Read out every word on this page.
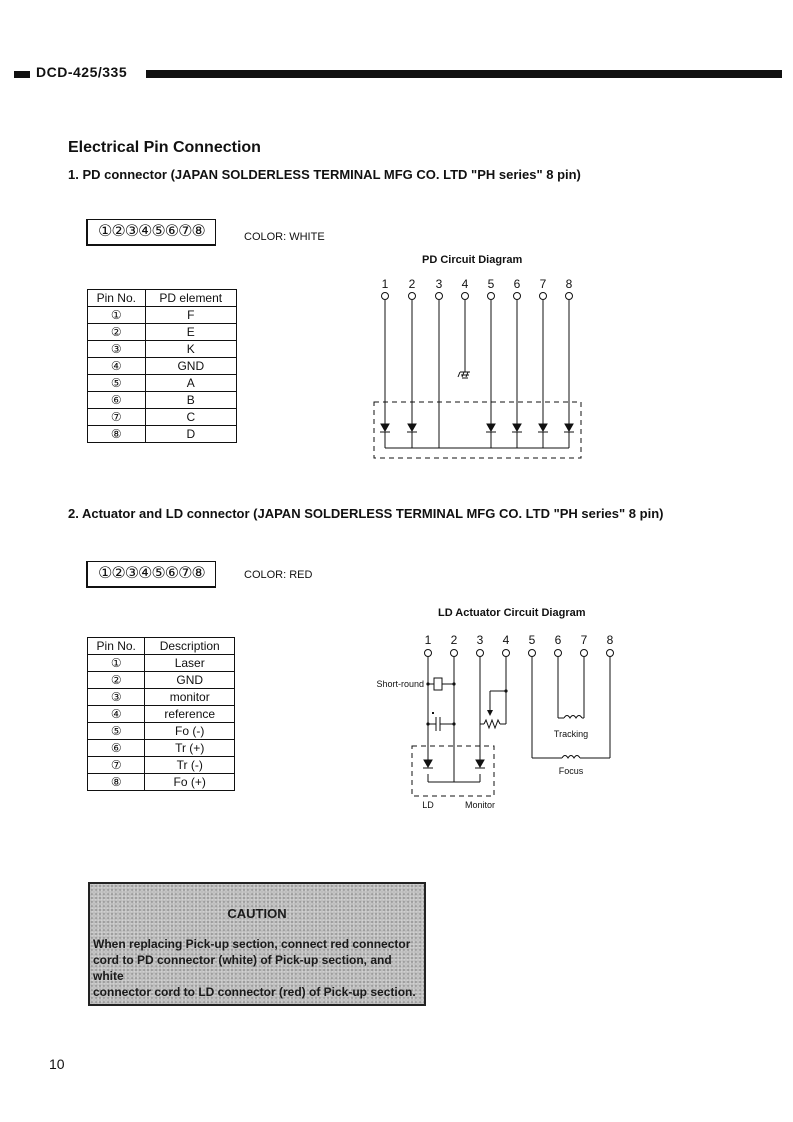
DCD-425/335
Electrical Pin Connection
1. PD connector (JAPAN SOLDERLESS TERMINAL MFG CO. LTD "PH series" 8 pin)
①②③④⑤⑥⑦⑧	COLOR: WHITE
Pin No.	PD element
①	F
②	E
③	K
④	GND
⑤	A
⑥	B
⑦	C
⑧	D
PD Circuit Diagram
1 2 3 4 5 6 7 8
2. Actuator and LD connector (JAPAN SOLDERLESS TERMINAL MFG CO. LTD "PH series" 8 pin)
①②③④⑤⑥⑦⑧	COLOR: RED
Pin No.	Description
①	Laser
②	GND
③	monitor
④	reference
⑤	Fo (-)
⑥	Tr (+)
⑦	Tr (-)
⑧	Fo (+)
LD Actuator Circuit Diagram
1 2 3 4 5 6 7 8
Short-round
Tracking
Focus
LD	Monitor
CAUTION
When replacing Pick-up section, connect red connector
cord to PD connector (white) of Pick-up section, and white
connector cord to LD connector (red) of Pick-up section.
10
